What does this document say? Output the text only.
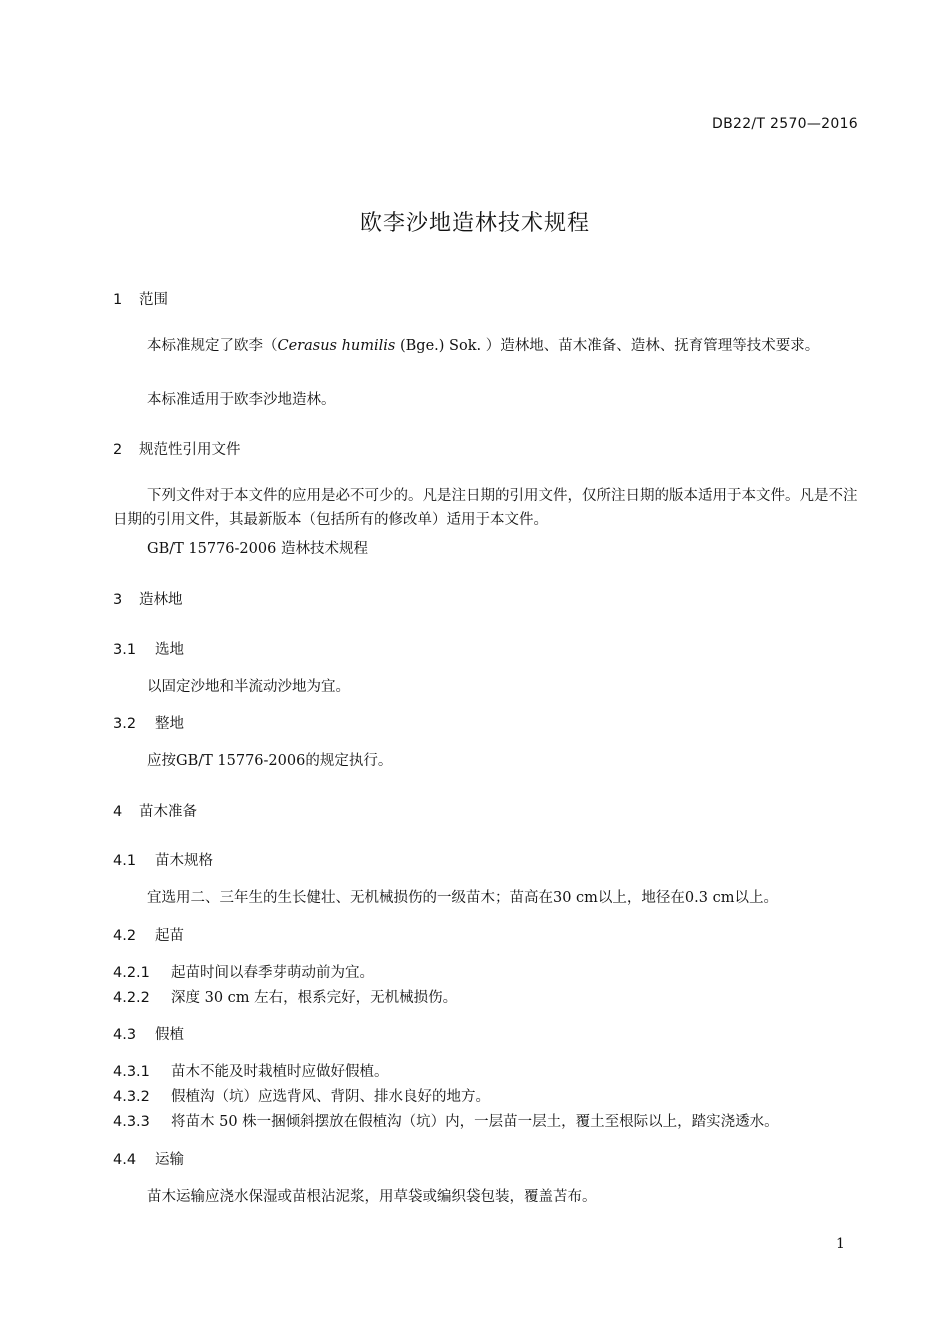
DB22/T 2570—2016
欧李沙地造林技术规程
1 范围
本标准规定了欧李（Cerasus humilis (Bge.) Sok. ）造林地、苗木准备、造林、抚育管理等技术要求。
本标准适用于欧李沙地造林。
2 规范性引用文件
下列文件对于本文件的应用是必不可少的。凡是注日期的引用文件，仅所注日期的版本适用于本文件。凡是不注日期的引用文件，其最新版本（包括所有的修改单）适用于本文件。
GB/T 15776-2006 造林技术规程
3 造林地
3.1 选地
以固定沙地和半流动沙地为宜。
3.2 整地
应按GB/T 15776-2006的规定执行。
4 苗木准备
4.1 苗木规格
宜选用二、三年生的生长健壮、无机械损伤的一级苗木；苗高在30 cm以上，地径在0.3 cm以上。
4.2 起苗
4.2.1 起苗时间以春季芽萌动前为宜。
4.2.2 深度 30 cm 左右，根系完好，无机械损伤。
4.3 假植
4.3.1 苗木不能及时栽植时应做好假植。
4.3.2 假植沟（坑）应选背风、背阴、排水良好的地方。
4.3.3 将苗木 50 株一捆倾斜摆放在假植沟（坑）内，一层苗一层土，覆土至根际以上，踏实浇透水。
4.4 运输
苗木运输应浇水保湿或苗根沾泥浆，用草袋或编织袋包装，覆盖苫布。
1
